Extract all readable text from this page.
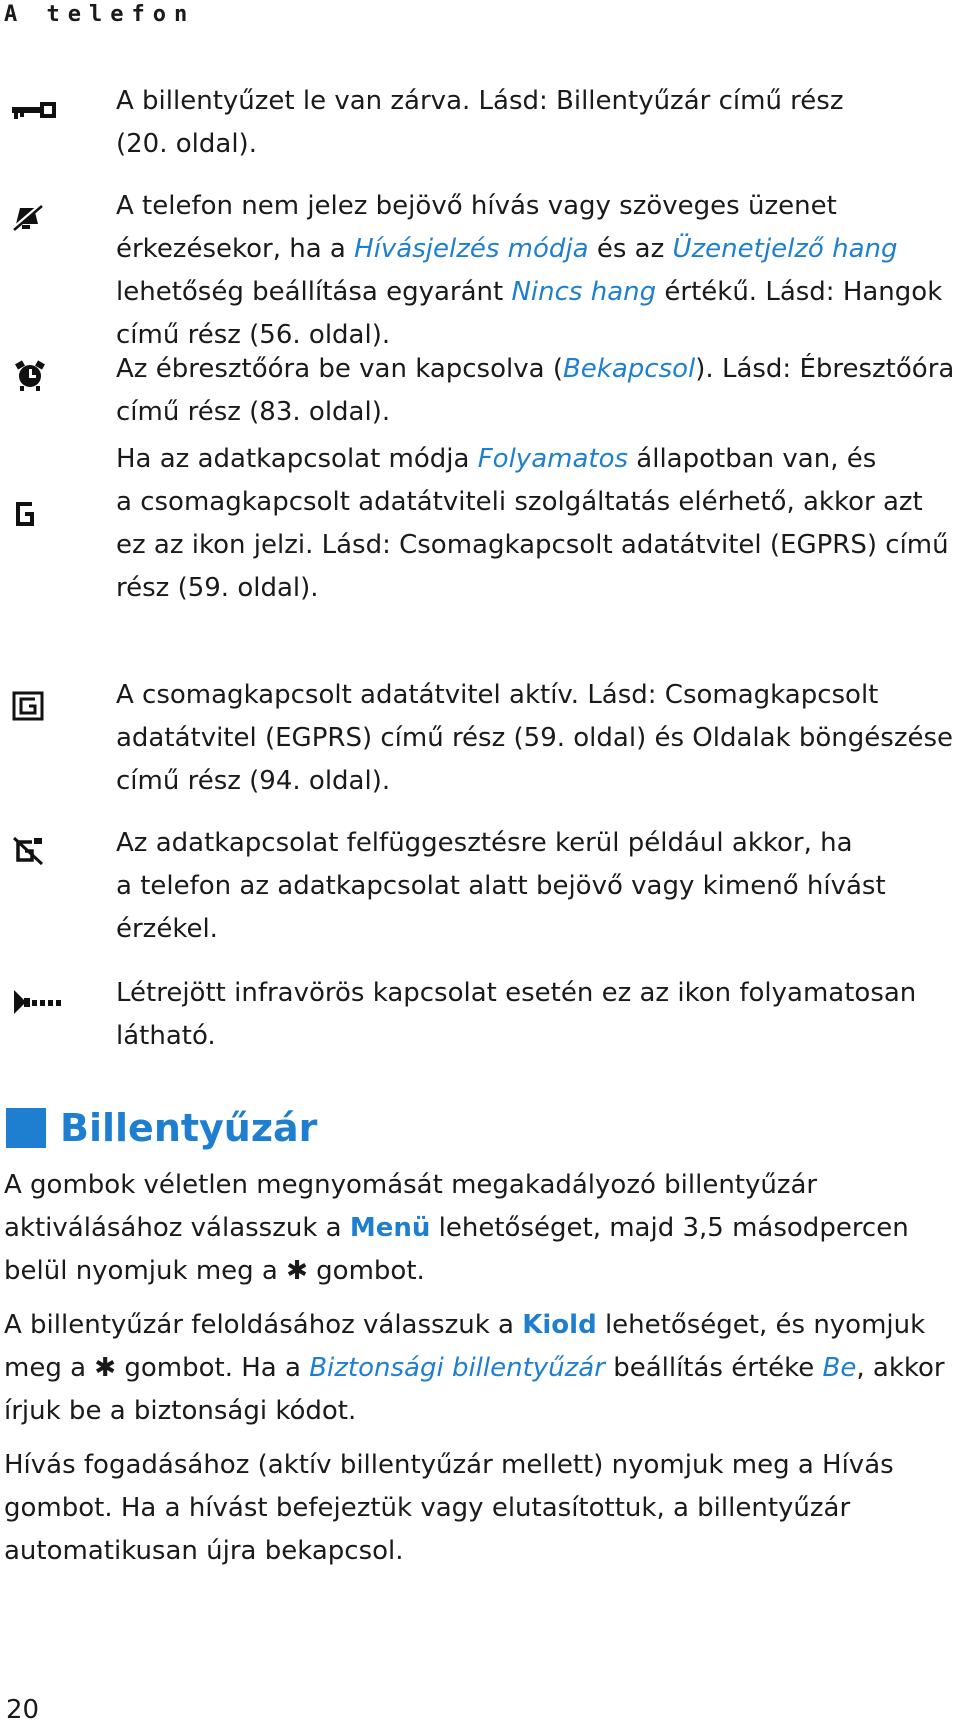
A telefon
A billentyűzet le van zárva. Lásd: Billentyűzár című rész
(20. oldal).
A telefon nem jelez bejövő hívás vagy szöveges üzenet
érkezésekor, ha a Hívásjelzés módja és az Üzenetjelző hang
lehetőség beállítása egyaránt Nincs hang értékű. Lásd: Hangok
című rész (56. oldal).
Az ébresztőóra be van kapcsolva (Bekapcsol). Lásd: Ébresztőóra
című rész (83. oldal).
Ha az adatkapcsolat módja Folyamatos állapotban van, és
a csomagkapcsolt adatátviteli szolgáltatás elérhető, akkor azt
ez az ikon jelzi. Lásd: Csomagkapcsolt adatátvitel (EGPRS) című
rész (59. oldal).
A csomagkapcsolt adatátvitel aktív. Lásd: Csomagkapcsolt
adatátvitel (EGPRS) című rész (59. oldal) és Oldalak böngészése
című rész (94. oldal).
Az adatkapcsolat felfüggesztésre kerül például akkor, ha
a telefon az adatkapcsolat alatt bejövő vagy kimenő hívást
érzékel.
Létrejött infravörös kapcsolat esetén ez az ikon folyamatosan
látható.
Billentyűzár
A gombok véletlen megnyomását megakadályozó billentyűzár
aktiválásához válasszuk a Menü lehetőséget, majd 3,5 másodpercen
belül nyomjuk meg a ✱ gombot.
A billentyűzár feloldásához válasszuk a Kiold lehetőséget, és nyomjuk
meg a ✱ gombot. Ha a Biztonsági billentyűzár beállítás értéke Be, akkor
írjuk be a biztonsági kódot.
Hívás fogadásához (aktív billentyűzár mellett) nyomjuk meg a Hívás
gombot. Ha a hívást befejeztük vagy elutasítottuk, a billentyűzár
automatikusan újra bekapcsol.
20
